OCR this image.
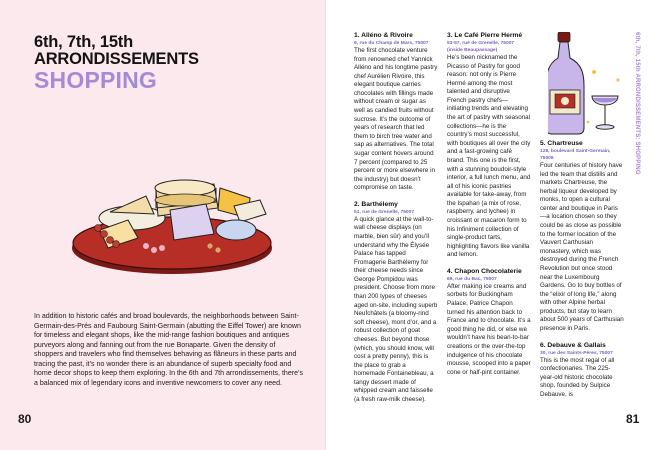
6th, 7th, 15th
ARRONDISSEMENTS
SHOPPING
In addition to historic cafés and broad boulevards, the neighborhoods between Saint-Germain-des-Prés and Faubourg Saint-Germain (abutting the Eiffel Tower) are known for timeless and elegant shops, like the mid-range fashion boutiques and antiques purveyors along and fanning out from the rue Bonaparte. Given the density of shoppers and travelers who find themselves behaving as flâneurs in these parts and tracing the past, it’s no wonder there is an abundance of superb specialty food and home decor shops to keep them exploring. In the 6th and 7th arrondissements, there’s a balanced mix of legendary icons and inventive newcomers to cover any need.
80
1. Alléno & Rivoire
9, rue du Champ de Mars, 75007

The first chocolate venture from renowned chef Yannick Alléno and his longtime pastry chef Aurélien Rivoire, this elegant boutique carries chocolates with fillings made without cream or sugar as well as candied fruits without sucrose. It’s the outcome of years of research that led them to birch tree water and sap as alternatives. The total sugar content hovers around 7 percent (compared to 25 percent or more elsewhere in the industry) but doesn’t compromise on taste.

2. Barthélemy
51, rue de Grenelle, 75007

A quick glance at the wall-to-wall cheese displays (on marble, bien sûr) and you’ll understand why the Élysée Palace has tapped Fromagerie Barthélemy for their cheese needs since George Pompidou was president. Choose from more than 200 types of cheeses aged on-site, including superb Neufchâtels (a bloomy-rind soft cheese), mont d’or, and a robust collection of goat cheeses. But beyond those (which, you should know, will cost a pretty penny), this is the place to grab a homemade Fontainebleau, a tangy dessert made of whipped cream and faisselle (a fresh raw-milk cheese).

3. Le Café Pierre Hermé
53-57, rue de Grenelle, 75007 (inside Beaupassage)

He’s been nicknamed the Picasso of Pastry for good reason: not only is Pierre Hermé among the most talented and disruptive French pastry chefs—initiating trends and elevating the art of pastry with seasonal collections—he is the country’s most successful, with boutiques all over the city and a fast-growing café brand. This one is the first, with a stunning boudoir-style interior, a full lunch menu, and all of his iconic pastries available for take-away, from the Ispahan (a mix of rose, raspberry, and lychee) in croissant or macaron form to his Infiniment collection of single-product tarts, highlighting flavors like vanilla and lemon.

4. Chapon Chocolaterie
69, rue du Bac, 75007

After making ice creams and sorbets for Buckingham Palace, Patrice Chapon turned his attention back to France and to chocolate. It’s a good thing he did, or else we wouldn’t have his bean-to-bar creations or the over-the-top indulgence of his chocolate mousse, scooped into a paper cone or half-pint container.

5. Chartreuse
128, boulevard Saint-Germain, 75006

Four centuries of history have led the team that distills and markets Chartreuse, the herbal liqueur developed by monks, to open a cultural center and boutique in Paris—a location chosen so they could be as close as possible to the former location of the Vauvert Carthusian monastery, which was destroyed during the French Revolution but once stood near the Luxembourg Gardens. Go to buy bottles of the “elixir of long life,” along with other Alpine herbal products, but stay to learn about 500 years of Carthusian presence in Paris.

6. Debauve & Gallais
30, rue des Saints-Pères, 75007

This is the most regal of all confectionaries. The 225-year-old historic chocolate shop, founded by Sulpice Debauve, is

6th, 7th, 15th ARRONDISSEMENTS: SHOPPING
81
